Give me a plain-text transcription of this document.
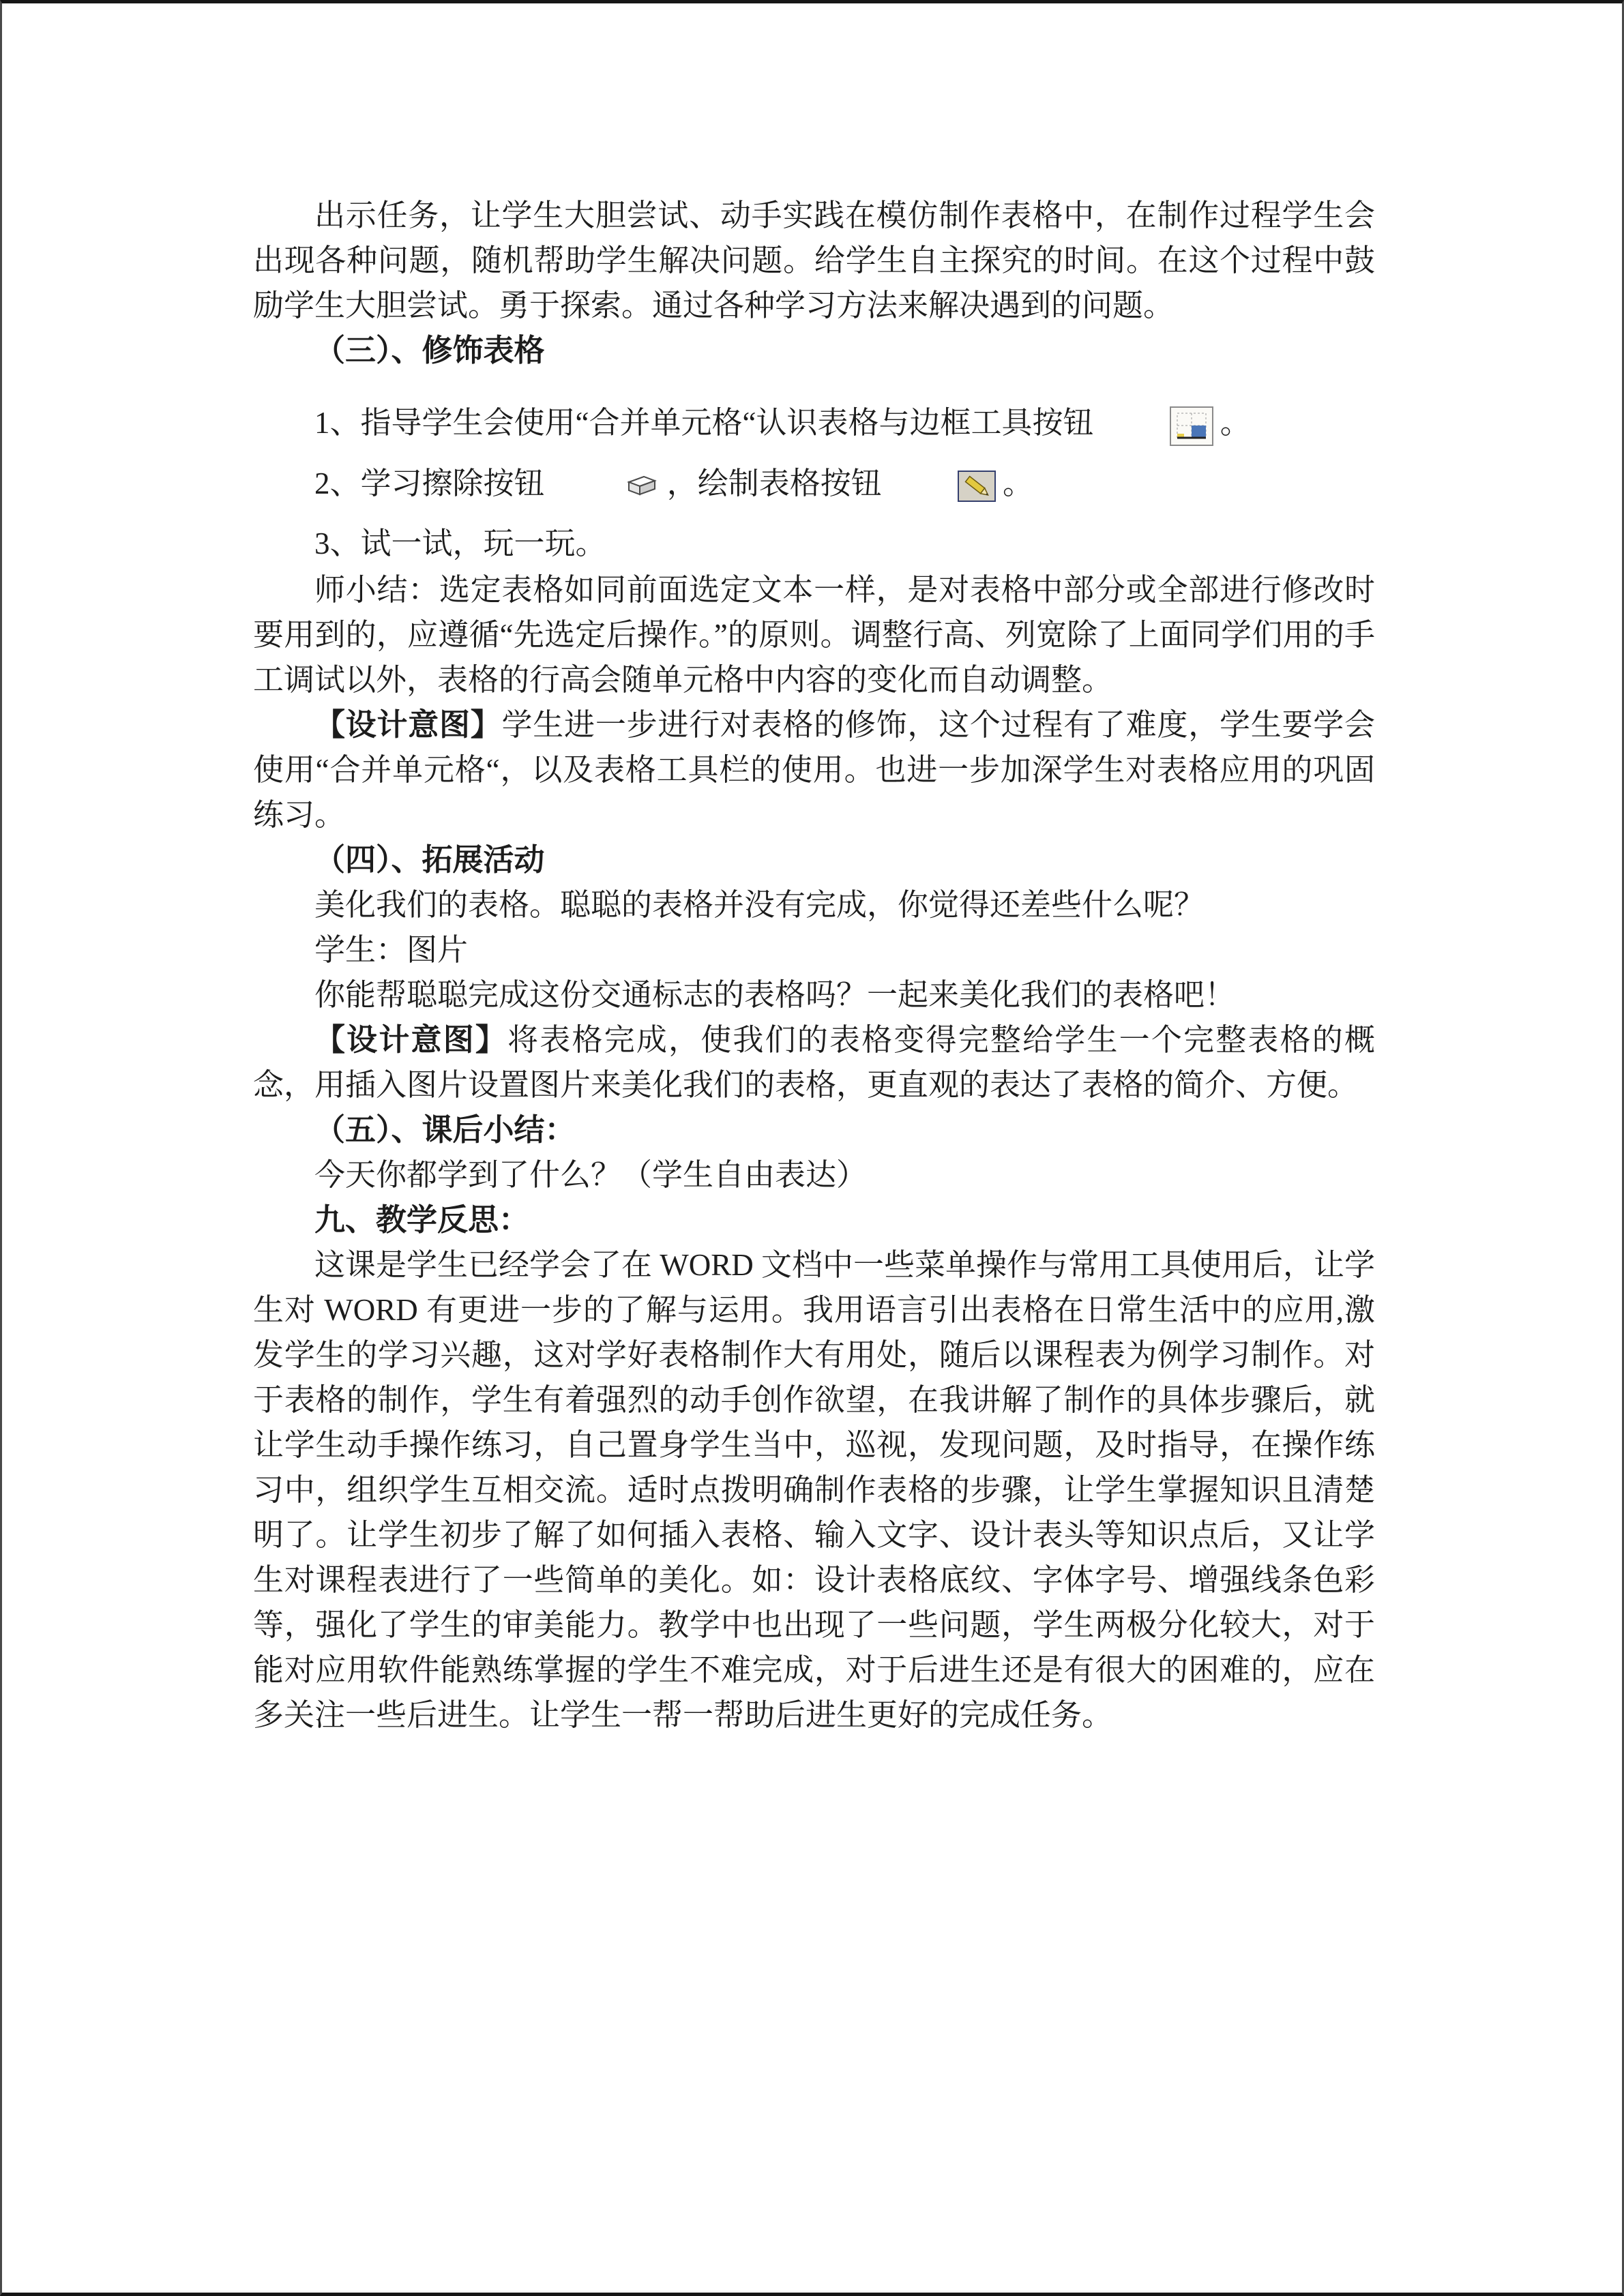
出示任务，让学生大胆尝试、动手实践在模仿制作表格中，在制作过程学生会出现各种问题，随机帮助学生解决问题。给学生自主探究的时间。在这个过程中鼓励学生大胆尝试。勇于探索。通过各种学习方法来解决遇到的问题。

（三）、修饰表格

1、指导学生会使用“合并单元格“认识表格与边框工具按钮	。

2、学习擦除按钮	，绘制表格按钮	。

3、试一试，玩一玩。

师小结：选定表格如同前面选定文本一样，是对表格中部分或全部进行修改时要用到的，应遵循“先选定后操作。”的原则。调整行高、列宽除了上面同学们用的手工调试以外，表格的行高会随单元格中内容的变化而自动调整。

【设计意图】学生进一步进行对表格的修饰，这个过程有了难度，学生要学会使用“合并单元格“，以及表格工具栏的使用。也进一步加深学生对表格应用的巩固练习。

（四）、拓展活动

美化我们的表格。聪聪的表格并没有完成，你觉得还差些什么呢？

学生：图片

你能帮聪聪完成这份交通标志的表格吗？一起来美化我们的表格吧！

【设计意图】将表格完成，使我们的表格变得完整给学生一个完整表格的概念，用插入图片设置图片来美化我们的表格，更直观的表达了表格的简介、方便。

（五）、课后小结：

今天你都学到了什么？（学生自由表达）

九、教学反思：

这课是学生已经学会了在 WORD 文档中一些菜单操作与常用工具使用后，让学生对 WORD 有更进一步的了解与运用。我用语言引出表格在日常生活中的应用,激发学生的学习兴趣，这对学好表格制作大有用处，随后以课程表为例学习制作。对于表格的制作，学生有着强烈的动手创作欲望，在我讲解了制作的具体步骤后，就让学生动手操作练习，自己置身学生当中，巡视，发现问题，及时指导，在操作练习中，组织学生互相交流。适时点拨明确制作表格的步骤，让学生掌握知识且清楚明了。让学生初步了解了如何插入表格、输入文字、设计表头等知识点后，又让学生对课程表进行了一些简单的美化。如：设计表格底纹、字体字号、增强线条色彩等，强化了学生的审美能力。教学中也出现了一些问题，学生两极分化较大，对于能对应用软件能熟练掌握的学生不难完成，对于后进生还是有很大的困难的，应在多关注一些后进生。让学生一帮一帮助后进生更好的完成任务。
